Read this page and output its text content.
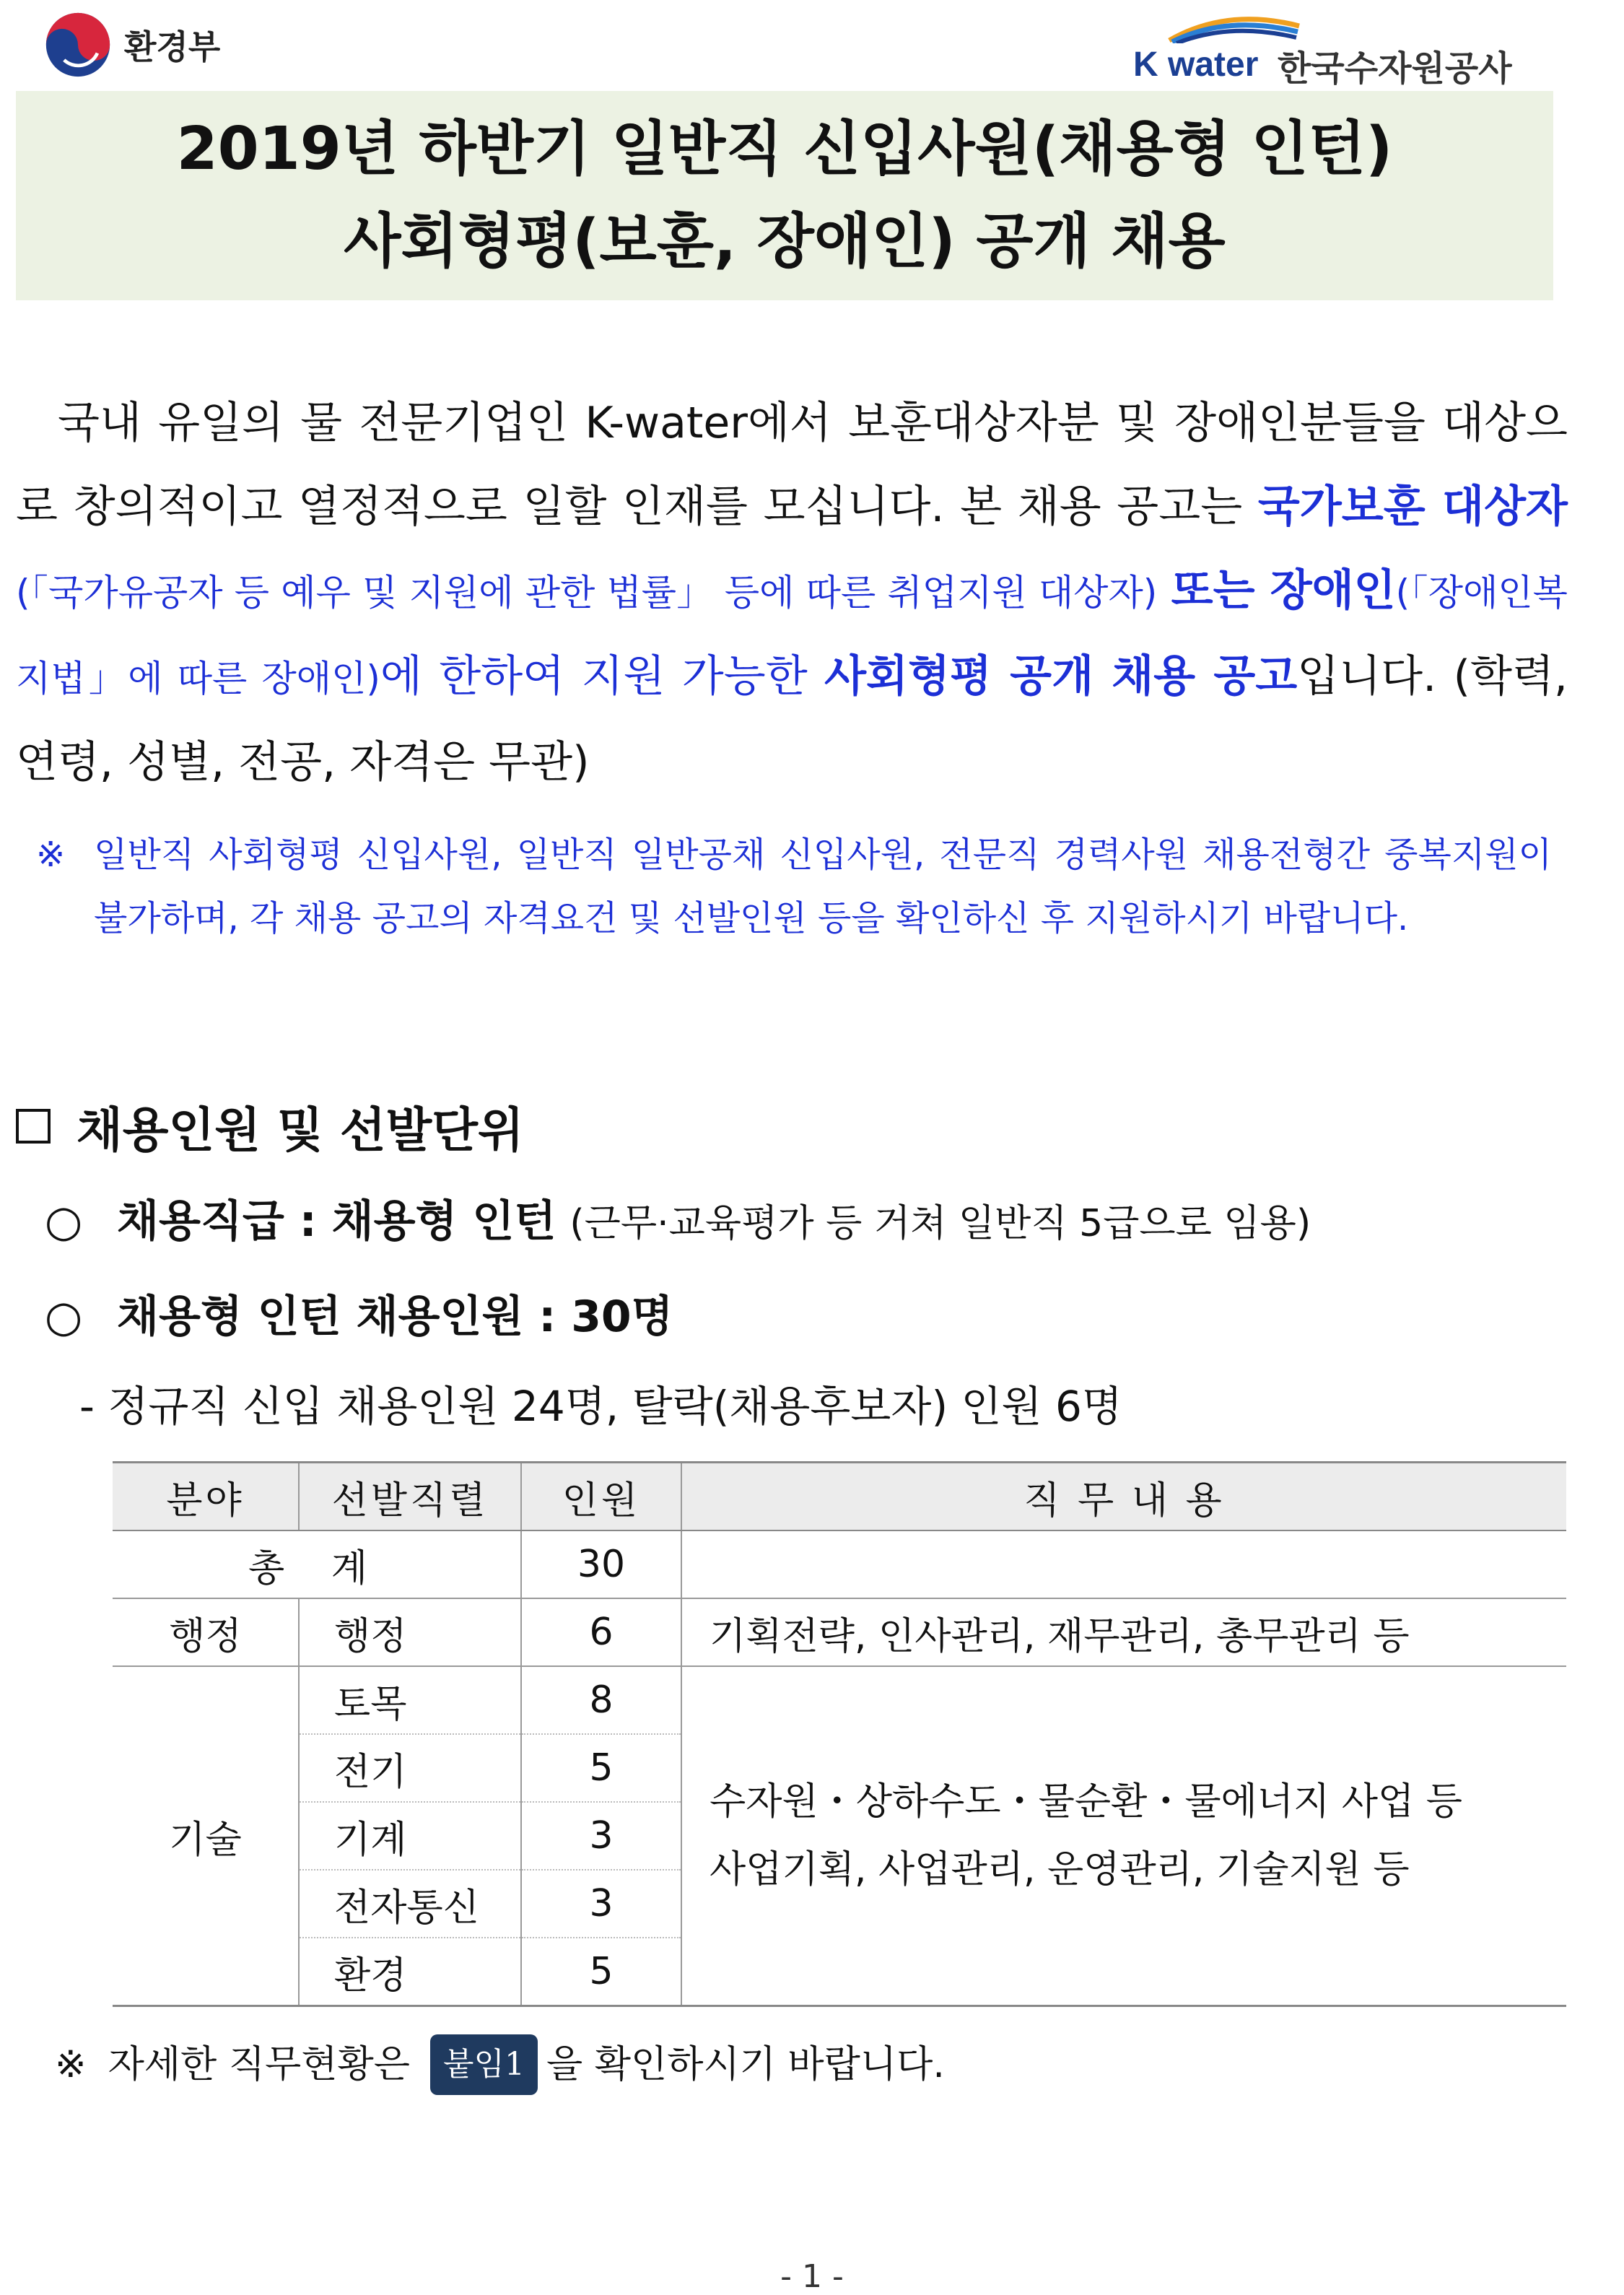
환경부	K water 한국수자원공사
2019년 하반기 일반직 신입사원(채용형 인턴)
사회형평(보훈, 장애인) 공개 채용
국내 유일의 물 전문기업인 K-water에서 보훈대상자분 및 장애인분들을 대상으로 창의적이고 열정적으로 일할 인재를 모십니다. 본 채용 공고는 국가보훈 대상자(「국가유공자 등 예우 및 지원에 관한 법률」 등에 따른 취업지원 대상자) 또는 장애인(「장애인복지법」에 따른 장애인)에 한하여 지원 가능한 사회형평 공개 채용 공고입니다. (학력, 연령, 성별, 전공, 자격은 무관)
※ 일반직 사회형평 신입사원, 일반직 일반공채 신입사원, 전문직 경력사원 채용전형간 중복지원이 불가하며, 각 채용 공고의 자격요건 및 선발인원 등을 확인하신 후 지원하시기 바랍니다.
채용인원 및 선발단위
○ 채용직급 : 채용형 인턴 (근무·교육평가 등 거쳐 일반직 5급으로 임용)
○ 채용형 인턴 채용인원 : 30명
- 정규직 신입 채용인원 24명, 탈락(채용후보자) 인원 6명
분야	선발직렬	인원	직 무 내 용
총 계		30	
행정	행정	6	기획전략, 인사관리, 재무관리, 총무관리 등
기술	토목	8	수자원・상하수도・물순환・물에너지 사업 등
사업기획, 사업관리, 운영관리, 기술지원 등

	전기	5	
	기계	3	
	전자통신	3	
	환경	5	
※ 자세한 직무현황은	붙임1 을 확인하시기 바랍니다.
- 1 -
